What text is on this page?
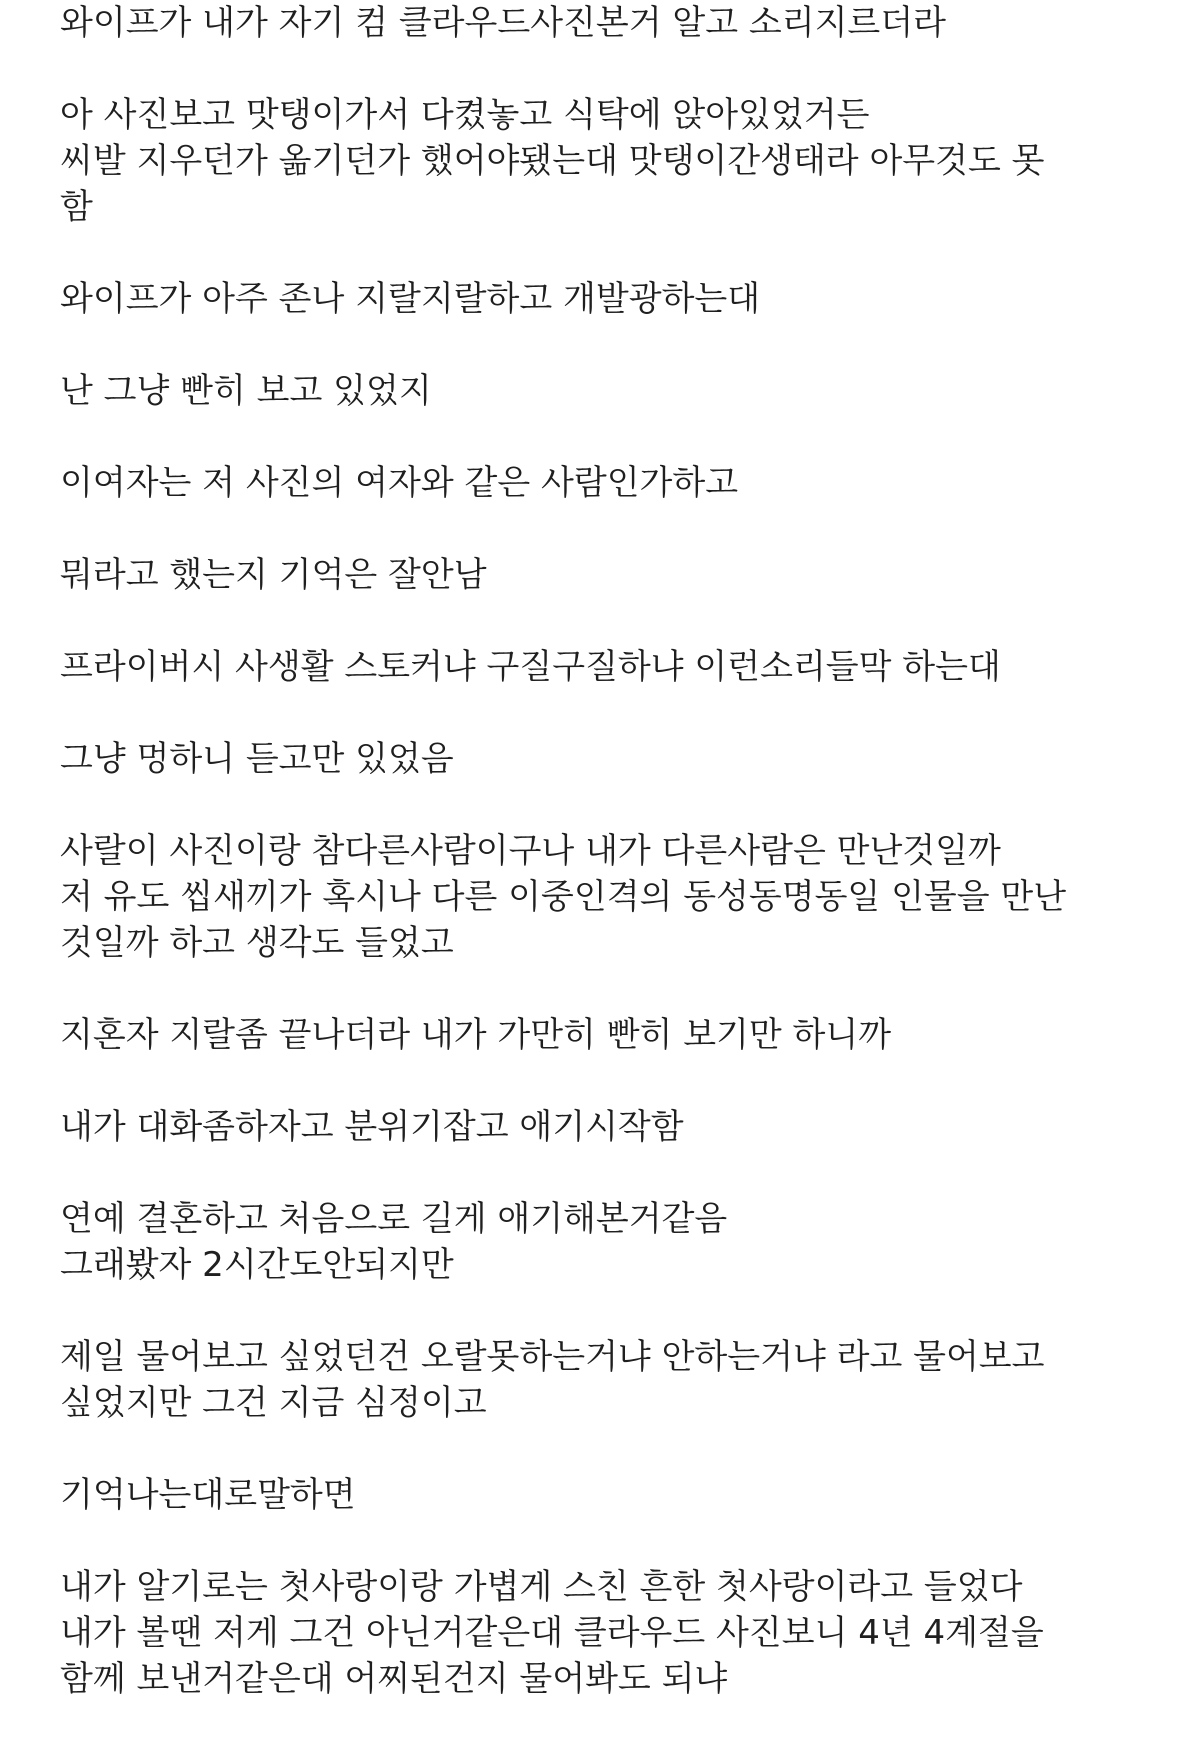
와이프가 내가 자기 컴 클라우드사진본거 알고 소리지르더라

아 사진보고 맛탱이가서 다켰놓고 식탁에 앉아있었거든
씨발 지우던가 옮기던가 했어야됐는대 맛탱이간생태라 아무것도 못
함

와이프가 아주 존나 지랄지랄하고 개발광하는대

난 그냥 빤히 보고 있었지

이여자는 저 사진의 여자와 같은 사람인가하고

뭐라고 했는지 기억은 잘안남

프라이버시 사생활 스토커냐 구질구질하냐 이런소리들막 하는대

그냥 멍하니 듣고만 있었음

사랄이 사진이랑 참다른사람이구나 내가 다른사람은 만난것일까
저 유도 씹새끼가 혹시나 다른 이중인격의 동성동명동일 인물을 만난
것일까 하고 생각도 들었고

지혼자 지랄좀 끝나더라 내가 가만히 빤히 보기만 하니까

내가 대화좀하자고 분위기잡고 애기시작함

연예 결혼하고 처음으로 길게 애기해본거같음
그래봤자 2시간도안되지만

제일 물어보고 싶었던건 오랄못하는거냐 안하는거냐 라고 물어보고
싶었지만 그건 지금 심정이고

기억나는대로말하면

내가 알기로는 첫사랑이랑 가볍게 스친 흔한 첫사랑이라고 들었다
내가 볼땐 저게 그건 아닌거같은대 클라우드 사진보니 4년 4계절을
함께 보낸거같은대 어찌된건지 물어봐도 되냐
